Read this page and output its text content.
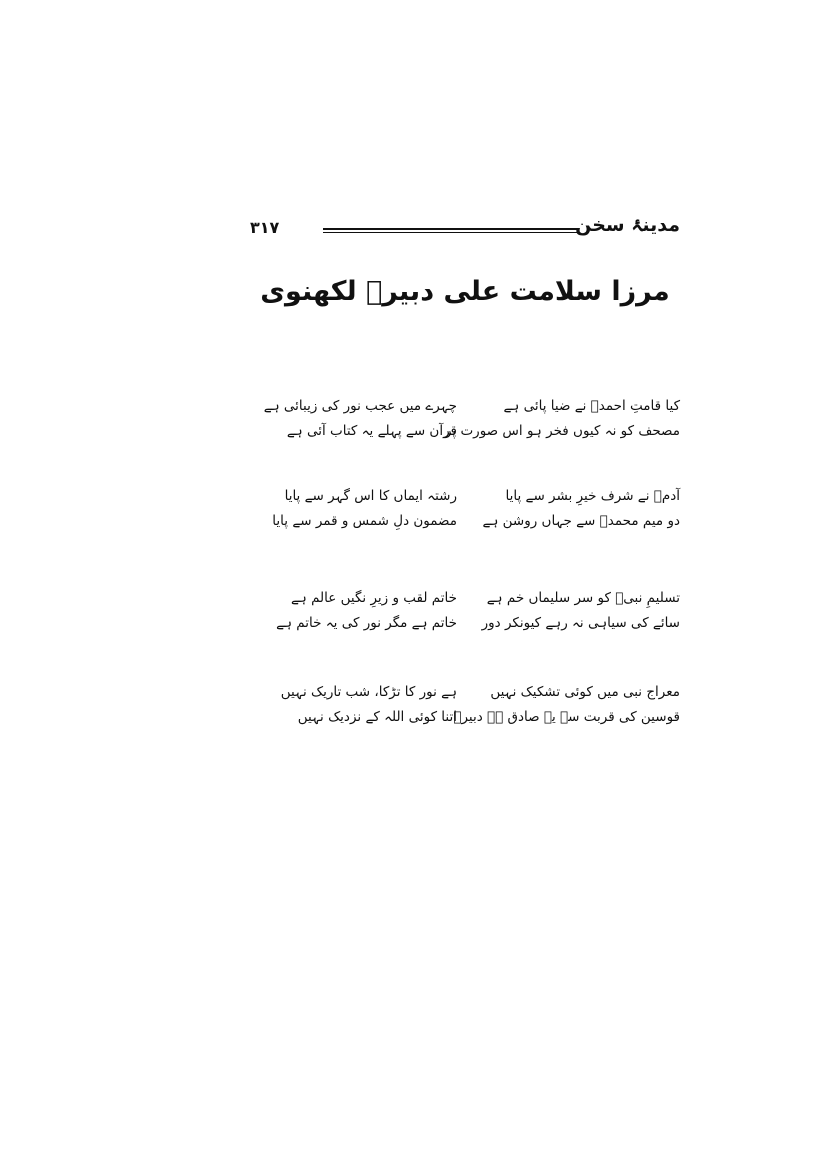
مدینۂ سخن
۳۱۷
مرزا سلامت علی دبیرؔ لکھنوی
کیا قامتِ احمدؐ نے ضیا پائی ہے
مصحف کو نہ کیوں فخر ہو اس صورت پر
چہرے میں عجب نور کی زیبائی ہے
قرآن سے پہلے یہ کتاب آئی ہے
آدمؑ نے شرف خیرِ بشر سے پایا
دو میم محمدؐ سے جہاں روشن ہے
رشتہ ایماں کا اس گہر سے پایا
مضمون دلِ شمس و قمر سے پایا
تسلیمِ نبیؐ کو سر سلیماں خم ہے
سائے کی سیاہی نہ رہے کیونکر دور
خاتم لقب و زیرِ نگیں عالم ہے
خاتم ہے مگر نور کی یہ خاتم ہے
معراج نبی میں کوئی تشکیک نہیں
قوسین کی قربت سے یہ صادق ہے دبیرؔ
ہے نور کا تڑکا، شب تاریک نہیں
اتنا کوئی اللہ کے نزدیک نہیں
